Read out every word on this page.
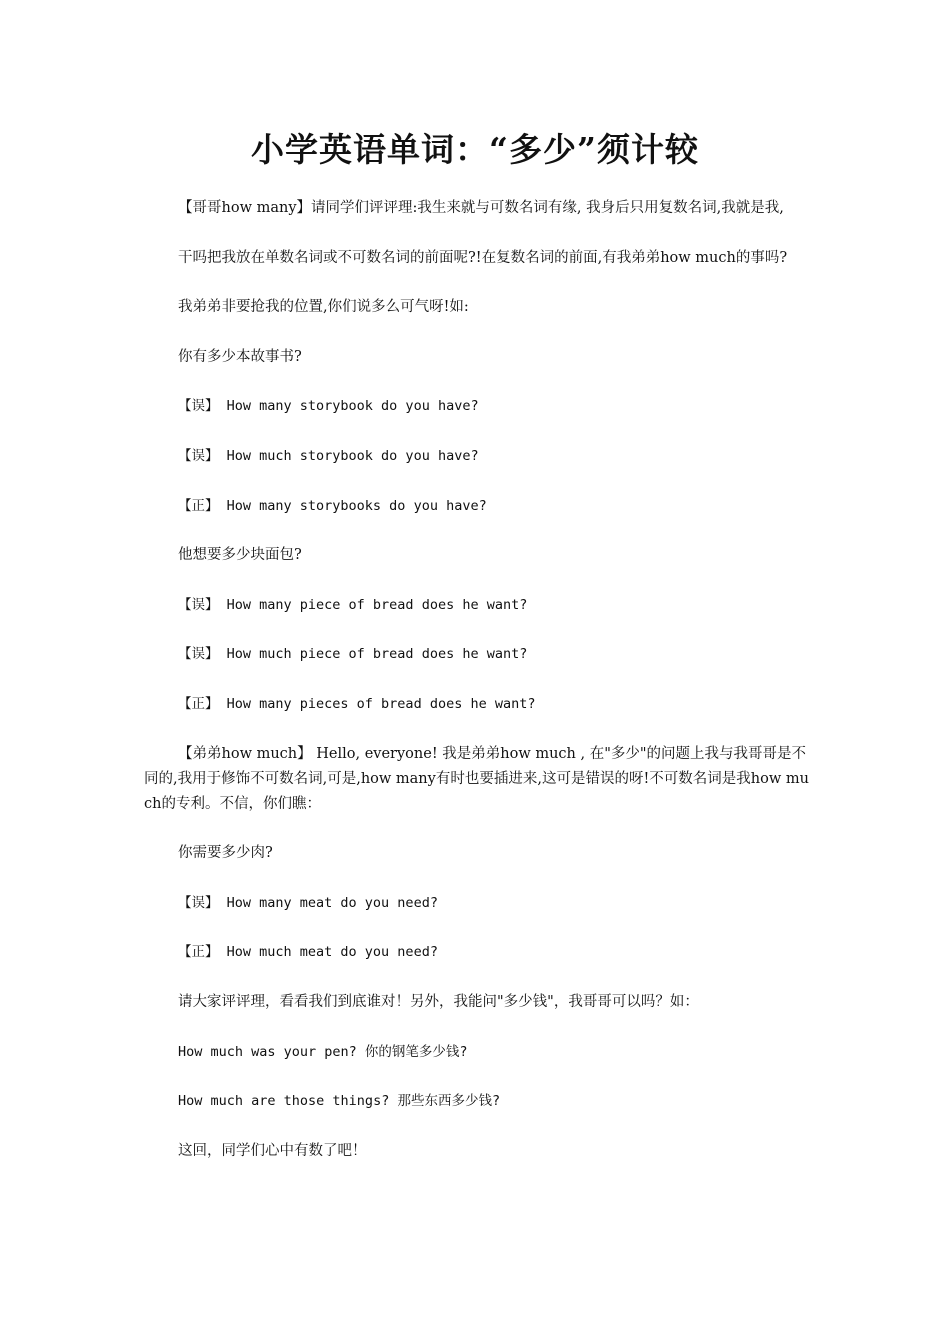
小学英语单词：“多少”须计较

【哥哥how many】请同学们评评理:我生来就与可数名词有缘, 我身后只用复数名词,我就是我,

干吗把我放在单数名词或不可数名词的前面呢?!在复数名词的前面,有我弟弟how much的事吗?

我弟弟非要抢我的位置,你们说多么可气呀!如:

你有多少本故事书?

【误】 How many storybook do you have?

【误】 How much storybook do you have?

【正】 How many storybooks do you have?

他想要多少块面包?

【误】 How many piece of bread does he want?

【误】 How much piece of bread does he want?

【正】 How many pieces of bread does he want?

【弟弟how much】 Hello, everyone! 我是弟弟how much , 在"多少"的问题上我与我哥哥是不同的,我用于修饰不可数名词,可是,how many有时也要插进来,这可是错误的呀!不可数名词是我how much的专利。不信，你们瞧：

你需要多少肉?

【误】 How many meat do you need?

【正】 How much meat do you need?

请大家评评理，看看我们到底谁对！另外，我能问"多少钱"，我哥哥可以吗？如：

How much was your pen? 你的钢笔多少钱?

How much are those things? 那些东西多少钱?

这回，同学们心中有数了吧！
